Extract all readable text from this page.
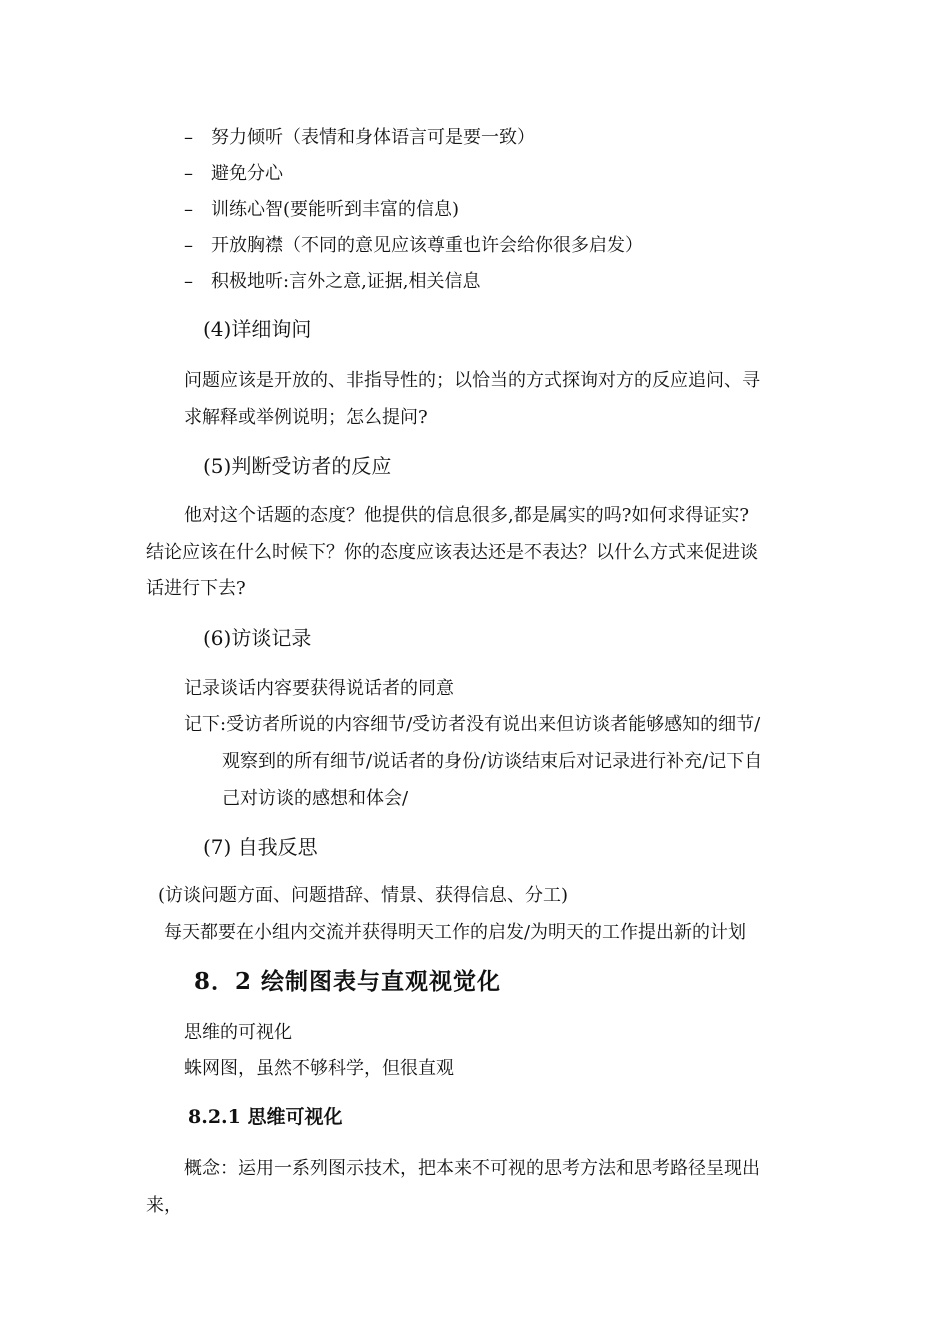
– 努力倾听（表情和身体语言可是要一致）
– 避免分心
– 训练心智(要能听到丰富的信息)
– 开放胸襟（不同的意见应该尊重也许会给你很多启发）
– 积极地听:言外之意,证据,相关信息
(4)详细询问
问题应该是开放的、非指导性的；以恰当的方式探询对方的反应追问、寻
求解释或举例说明；怎么提问?
(5)判断受访者的反应
他对这个话题的态度？他提供的信息很多,都是属实的吗?如何求得证实?
结论应该在什么时候下？你的态度应该表达还是不表达？以什么方式来促进谈
话进行下去?
(6)访谈记录
记录谈话内容要获得说话者的同意
记下:受访者所说的内容细节/受访者没有说出来但访谈者能够感知的细节/
观察到的所有细节/说话者的身份/访谈结束后对记录进行补充/记下自
己对访谈的感想和体会/
(7) 自我反思
(访谈问题方面、问题措辞、情景、获得信息、分工)
每天都要在小组内交流并获得明天工作的启发/为明天的工作提出新的计划
8．2 绘制图表与直观视觉化
思维的可视化
蛛网图，虽然不够科学，但很直观
8.2.1 思维可视化
概念：运用一系列图示技术，把本来不可视的思考方法和思考路径呈现出
来，
